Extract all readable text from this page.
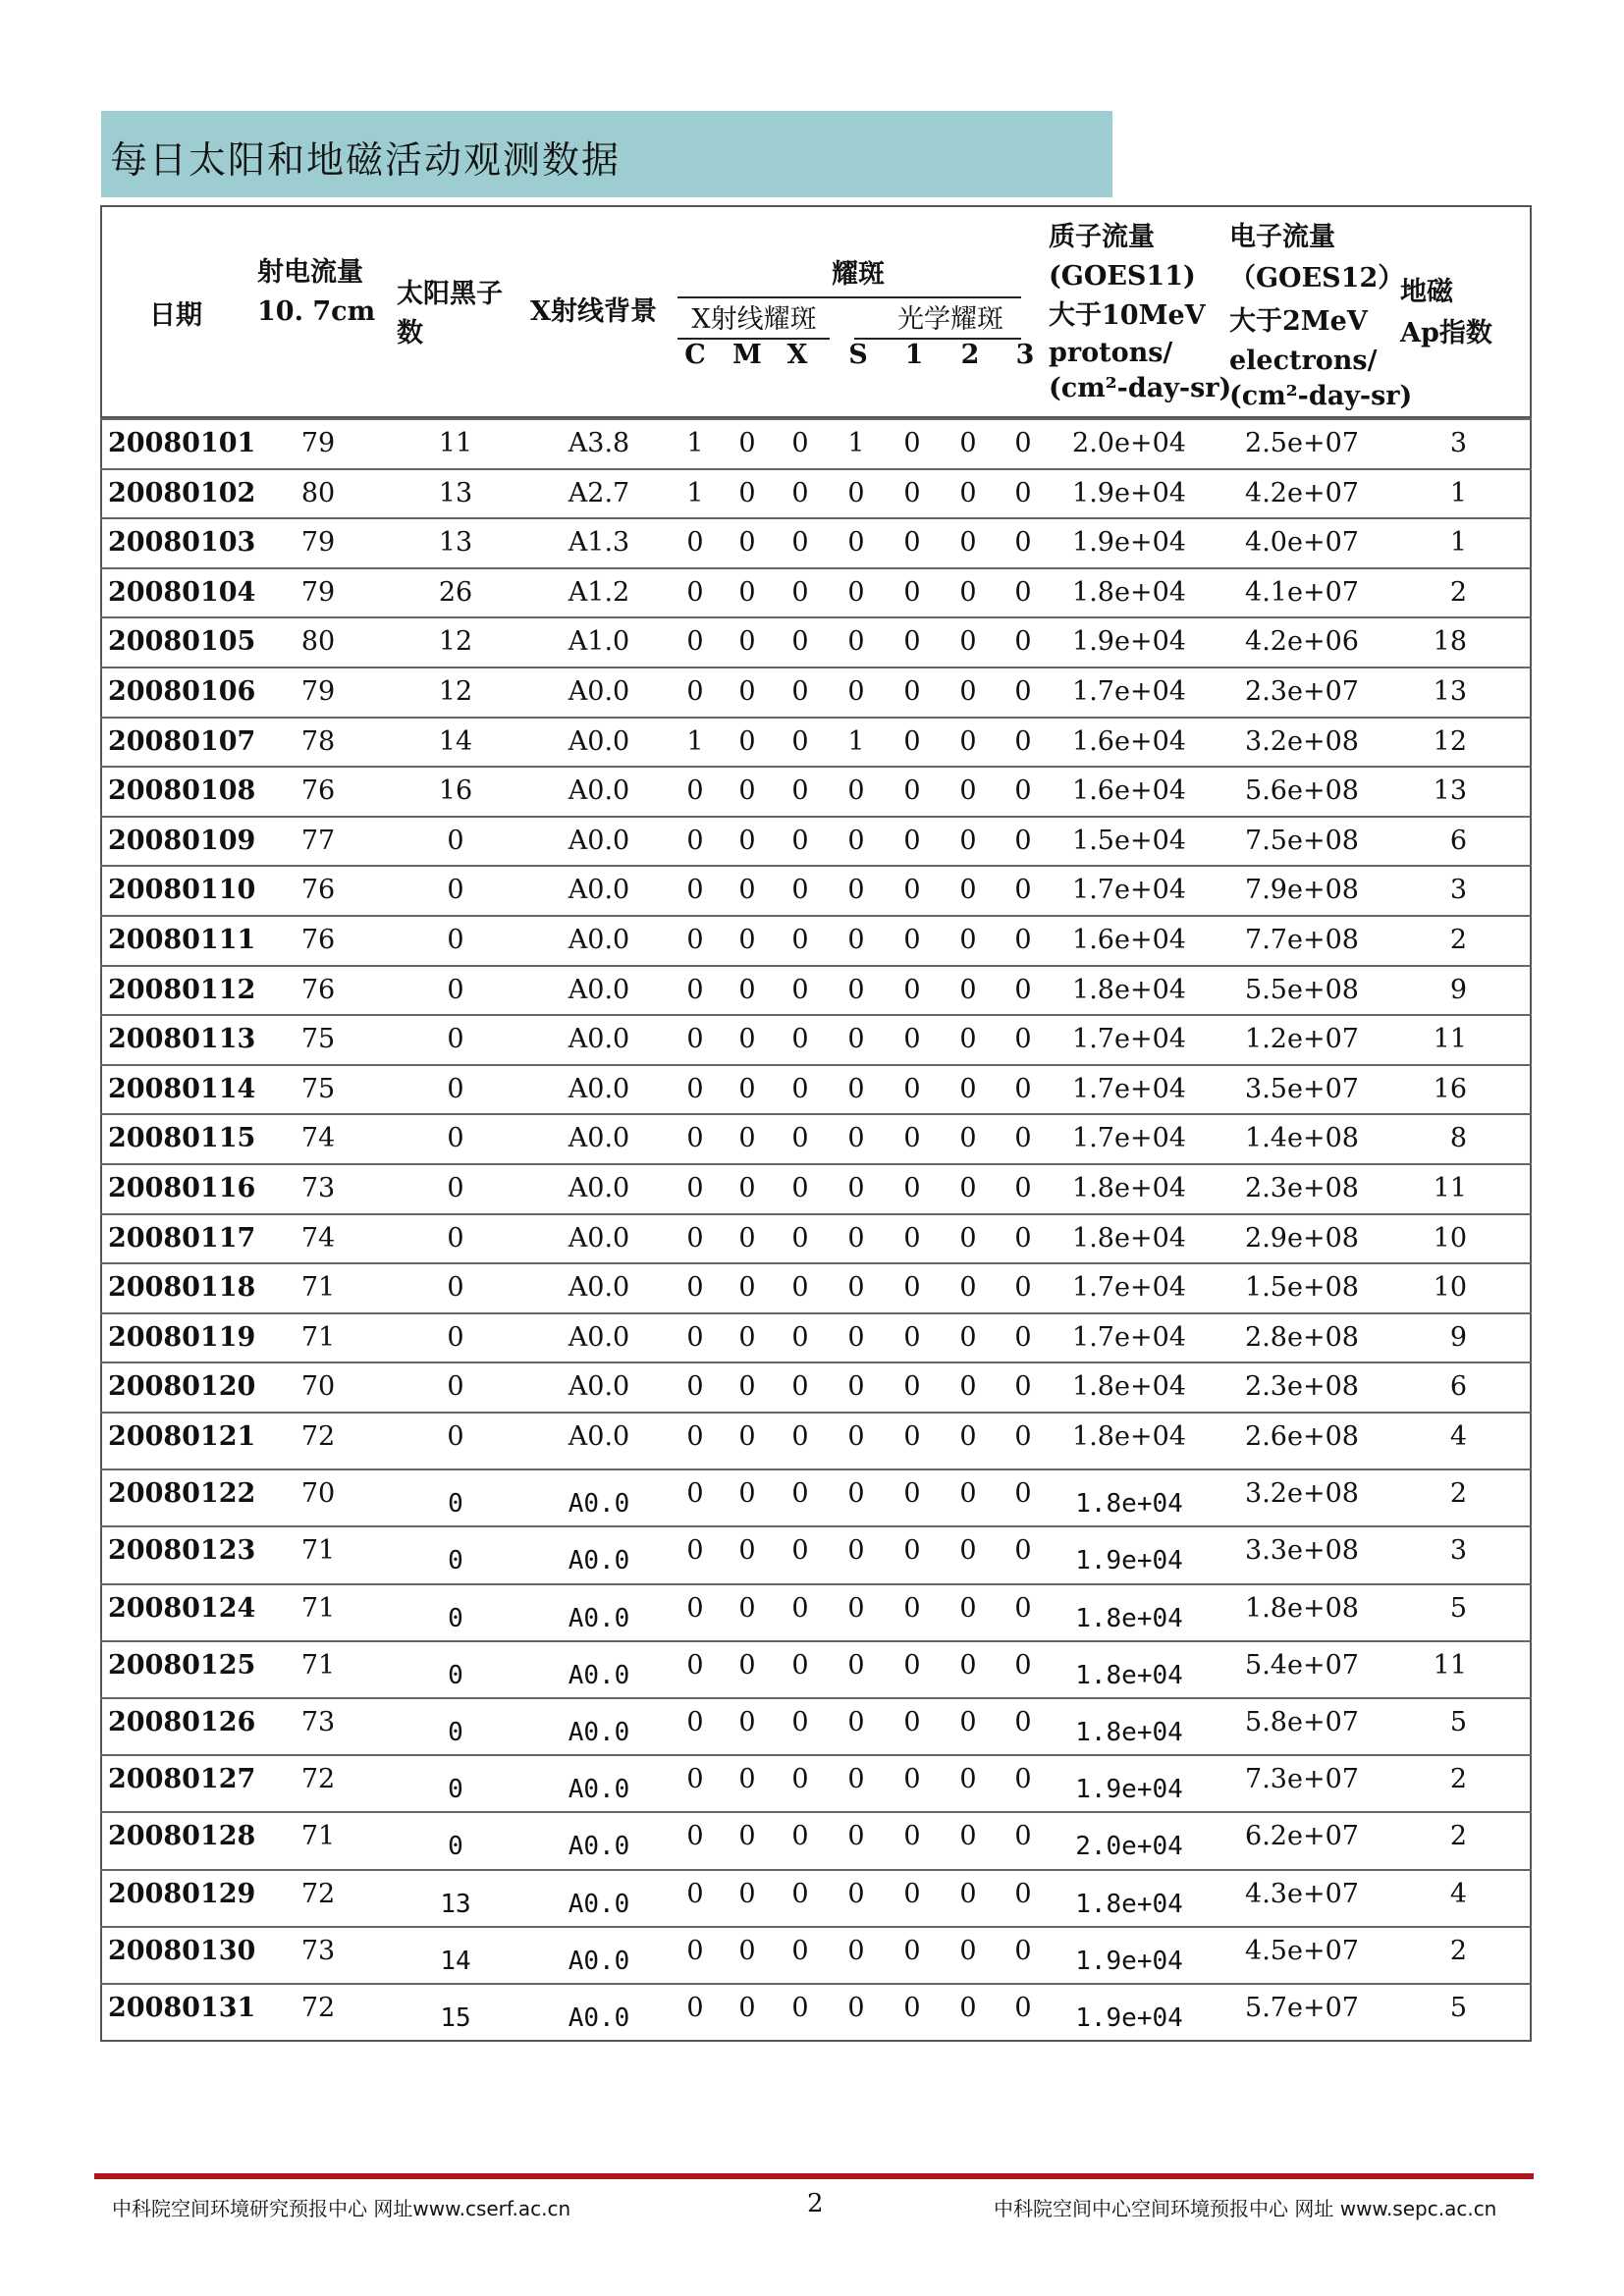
每日太阳和地磁活动观测数据
日期
射电流量
10. 7cm
太阳黑子
数
X射线背景
耀斑
X射线耀斑	光学耀斑
C M X S 1 2 3
质子流量
(GOES11)
大于10MeV
protons/
(cm²-day-sr)
电子流量
（GOES12）
大于2MeV
electrons/
(cm²-day-sr)
地磁
Ap指数
20080101 79	11	A3.8 1 0 0 1 0 0 0 2.0e+04 2.5e+07	3
20080102 80	13	A2.7 1 0 0 0 0 0 0 1.9e+04 4.2e+07	1
20080103 79	13	A1.3 0 0 0 0 0 0 0 1.9e+04 4.0e+07	1
20080104 79	26	A1.2 0 0 0 0 0 0 0 1.8e+04 4.1e+07	2
20080105 80	12	A1.0 0 0 0 0 0 0 0 1.9e+04 4.2e+06	18
20080106 79	12	A0.0 0 0 0 0 0 0 0 1.7e+04 2.3e+07	13
20080107 78	14	A0.0 1 0 0 1 0 0 0 1.6e+04 3.2e+08	12
20080108 76	16	A0.0 0 0 0 0 0 0 0 1.6e+04 5.6e+08	13
20080109 77	0	A0.0 0 0 0 0 0 0 0 1.5e+04 7.5e+08	6
20080110 76	0	A0.0 0 0 0 0 0 0 0 1.7e+04 7.9e+08	3
20080111 76	0	A0.0 0 0 0 0 0 0 0 1.6e+04 7.7e+08	2
20080112 76	0	A0.0 0 0 0 0 0 0 0 1.8e+04 5.5e+08	9
20080113 75	0	A0.0 0 0 0 0 0 0 0 1.7e+04 1.2e+07	11
20080114 75	0	A0.0 0 0 0 0 0 0 0 1.7e+04 3.5e+07	16
20080115 74	0	A0.0 0 0 0 0 0 0 0 1.7e+04 1.4e+08	8
20080116 73	0	A0.0 0 0 0 0 0 0 0 1.8e+04 2.3e+08	11
20080117 74	0	A0.0 0 0 0 0 0 0 0 1.8e+04 2.9e+08	10
20080118 71	0	A0.0 0 0 0 0 0 0 0 1.7e+04 1.5e+08	10
20080119 71	0	A0.0 0 0 0 0 0 0 0 1.7e+04 2.8e+08	9
20080120 70	0	A0.0 0 0 0 0 0 0 0 1.8e+04 2.3e+08	6
20080121 72	0	A0.0 0 0 0 0 0 0 0 1.8e+04 2.6e+08	4
20080122 70	0	A0.0 0 0 0 0 0 0 0 1.8e+04 3.2e+08	2
20080123 71	0	A0.0 0 0 0 0 0 0 0 1.9e+04 3.3e+08	3
20080124 71	0	A0.0 0 0 0 0 0 0 0 1.8e+04 1.8e+08	5
20080125 71	0	A0.0 0 0 0 0 0 0 0 1.8e+04 5.4e+07	11
20080126 73	0	A0.0 0 0 0 0 0 0 0 1.8e+04 5.8e+07	5
20080127 72	0	A0.0 0 0 0 0 0 0 0 1.9e+04 7.3e+07	2
20080128 71	0	A0.0 0 0 0 0 0 0 0 2.0e+04 6.2e+07	2
20080129 72	13	A0.0 0 0 0 0 0 0 0 1.8e+04 4.3e+07	4
20080130 73	14	A0.0 0 0 0 0 0 0 0 1.9e+04 4.5e+07	2
20080131 72	15	A0.0 0 0 0 0 0 0 0 1.9e+04 5.7e+07	5
中科院空间环境研究预报中心 网址www.cserf.ac.cn	2	中科院空间中心空间环境预报中心 网址 www.sepc.ac.cn
